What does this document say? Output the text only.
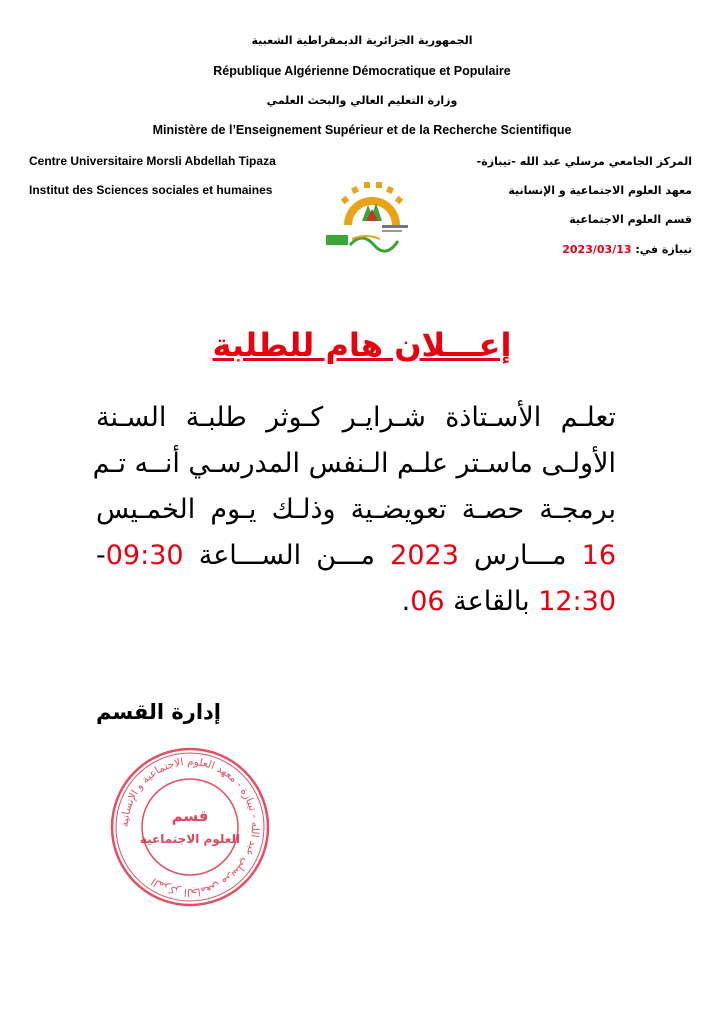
الجمهورية الجزائرية الديمقراطية الشعبية
République Algérienne Démocratique et Populaire
وزارة التعليم العالي والبحث العلمي
Ministère de l’Enseignement Supérieur et de la Recherche Scientifique
Centre Universitaire Morsli Abdellah Tipaza
Institut des Sciences sociales et humaines
المركز الجامعي مرسلي عبد الله -تيبازة-
معهد العلوم الاجتماعية و الإنسانية
قسم العلوم الاجتماعية
تيبازة في: 2023/03/13
إعـــلان هام للطلبة
تعلـم الأسـتاذة شـرايـر كـوثر طلبـة السـنة
الأولـى ماسـتر علـم الـنفس المدرسـي أنــه تـم
برمجـة حصـة تعويضـية وذلـك يـوم الخمـيس
16 مـــارس 2023 مـــن الســـاعة 09:30-
12:30 بالقاعة 06.
إدارة القسم
المركز الجامعي مرسلي عبد الله - تيبازة - معهد العلوم الاجتماعية و الإنسانية
قسم
العلوم الاجتماعية
